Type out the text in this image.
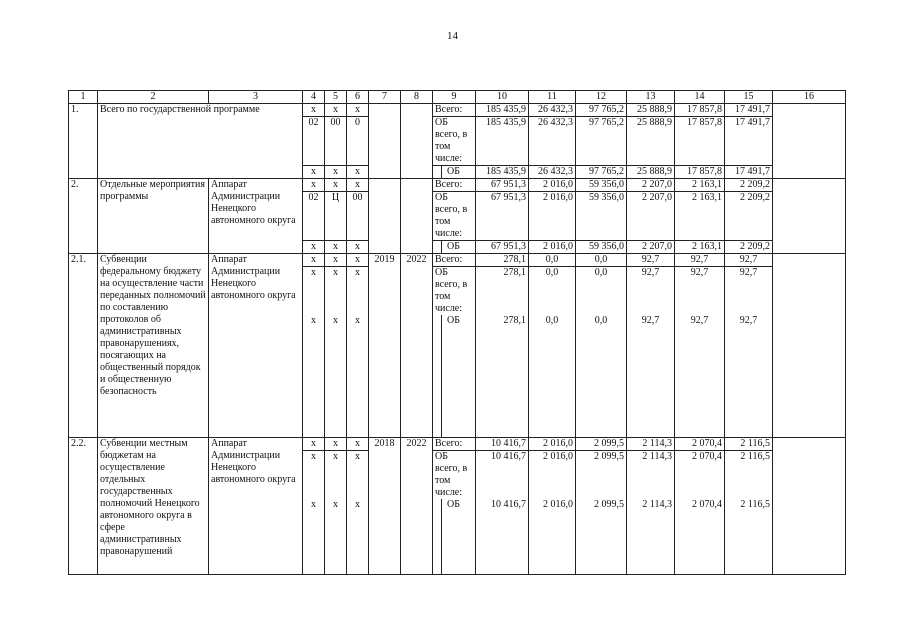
14
1	2	3	4	5	6	7	8	9	10	11	12	13	14	15	16
1.	Всего по государственной программе		х	х	х			Всего:	185 435,9	26 432,3	97 765,2	25 888,9	17 857,8	17 491,7	
			02	00	0			ОБ всего, в том числе:	185 435,9	26 432,3	97 765,2	25 888,9	17 857,8	17 491,7	
			х	х	х			ОБ	185 435,9	26 432,3	97 765,2	25 888,9	17 857,8	17 491,7	
2.	Отдельные мероприятия программы	Аппарат Администрации Ненецкого автономного округа	х	х	х			Всего:	67 951,3	2 016,0	59 356,0	2 207,0	2 163,1	2 209,2	
			02	Ц	00			ОБ всего, в том числе:	67 951,3	2 016,0	59 356,0	2 207,0	2 163,1	2 209,2	
			х	х	х			ОБ	67 951,3	2 016,0	59 356,0	2 207,0	2 163,1	2 209,2	
2.1.	Субвенции федеральному бюджету на осуществление части переданных полномочий по составлению протоколов об административных правонарушениях, посягающих на общественный порядок и общественную безопасность	Аппарат Администрации Ненецкого автономного округа	х	х	х	2019	2022	Всего:	278,1	0,0	0,0	92,7	92,7	92,7	
			х	х	х			ОБ всего, в том числе:	278,1	0,0	0,0	92,7	92,7	92,7	
			х	х	х			ОБ	278,1	0,0	0,0	92,7	92,7	92,7	
2.2.	Субвенции местным бюджетам на осуществление отдельных государственных полномочий Ненецкого автономного округа в сфере административных правонарушений	Аппарат Администрации Ненецкого автономного округа	х	х	х	2018	2022	Всего:	10 416,7	2 016,0	2 099,5	2 114,3	2 070,4	2 116,5	
			х	х	х			ОБ всего, в том числе:	10 416,7	2 016,0	2 099,5	2 114,3	2 070,4	2 116,5	
			х	х	х			ОБ	10 416,7	2 016,0	2 099,5	2 114,3	2 070,4	2 116,5	
